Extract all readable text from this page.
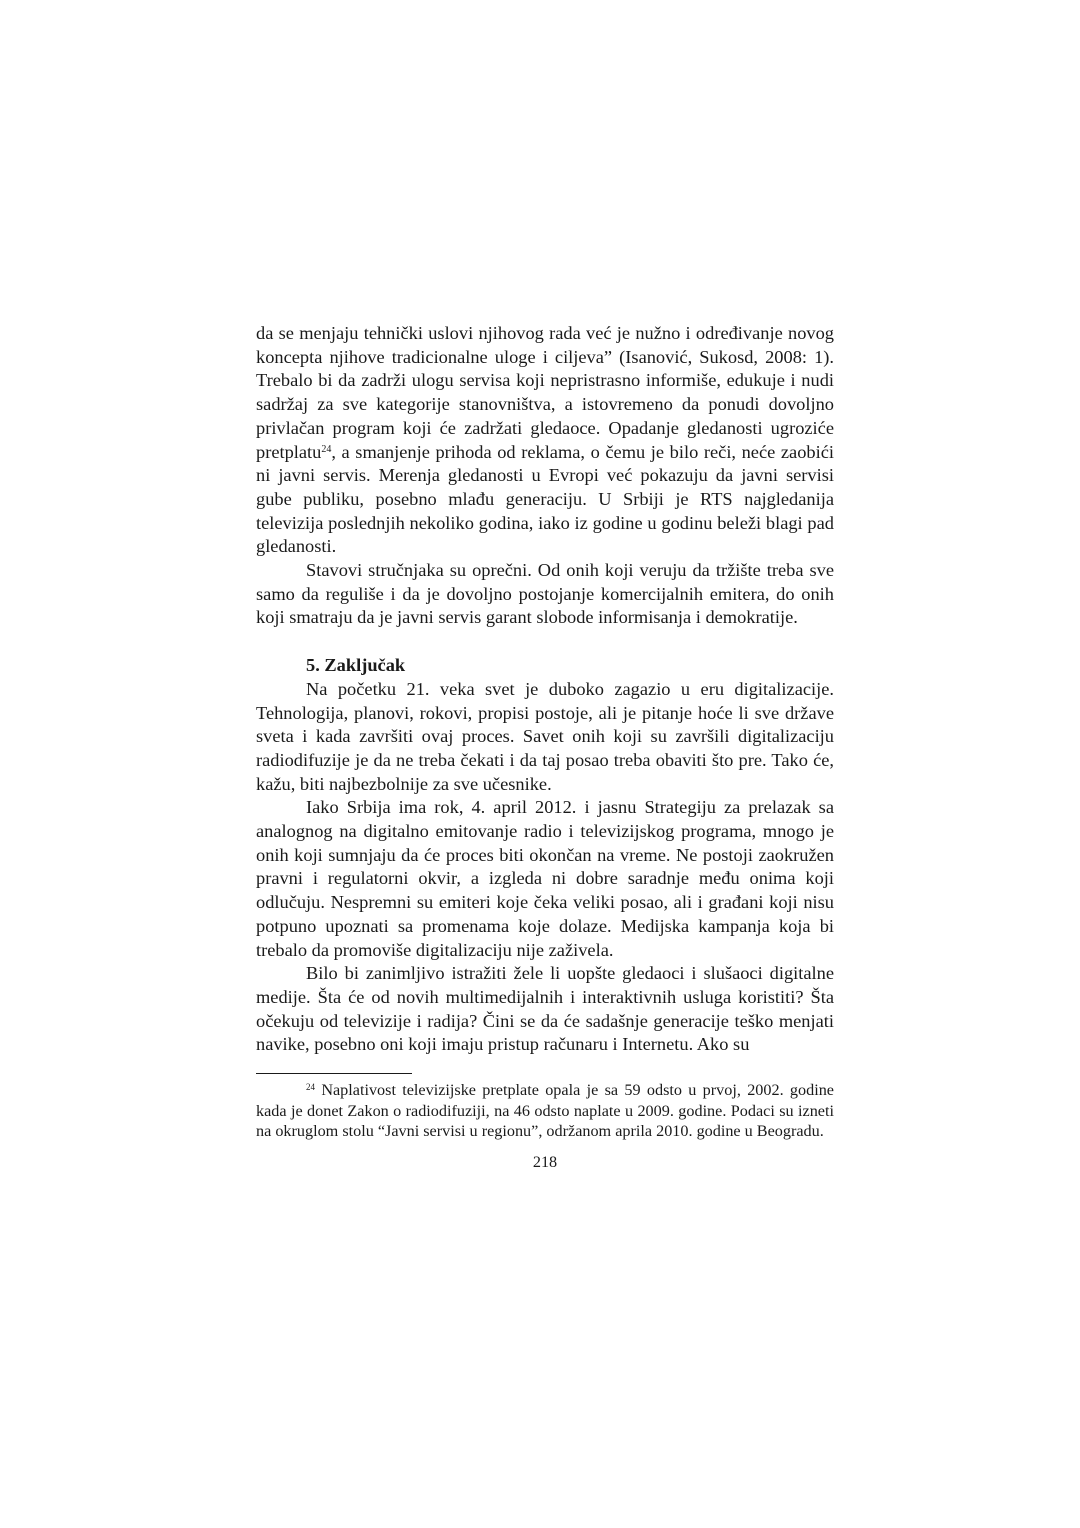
da se menjaju tehnički uslovi njihovog rada već je nužno i određivanje novog koncepta njihove tradicionalne uloge i ciljeva” (Isanović, Sukosd, 2008: 1). Trebalo bi da zadrži ulogu servisa koji nepristrasno informiše, edukuje i nudi sadržaj za sve kategorije stanovništva, a istovremeno da ponudi dovoljno privlačan program koji će zadržati gledaoce. Opadanje gledanosti ugroziće pretplatu$^{24}$, a smanjenje prihoda od reklama, o čemu je bilo reči, neće zaobići ni javni servis. Merenja gledanosti u Evropi već pokazuju da javni servisi gube publiku, posebno mlađu generaciju. U Srbiji je RTS najgledanija televizija poslednjih nekoliko godina, iako iz godine u godinu beleži blagi pad gledanosti.

Stavovi stručnjaka su oprečni. Od onih koji veruju da tržište treba sve samo da reguliše i da je dovoljno postojanje komercijalnih emitera, do onih koji smatraju da je javni servis garant slobode informisanja i demokratije.

5. Zaključak

Na početku 21. veka svet je duboko zagazio u eru digitalizacije. Tehnologija, planovi, rokovi, propisi postoje, ali je pitanje hoće li sve države sveta i kada završiti ovaj proces. Savet onih koji su završili digitalizaciju radiodifuzije je da ne treba čekati i da taj posao treba obaviti što pre. Tako će, kažu, biti najbezbolnije za sve učesnike.

Iako Srbija ima rok, 4. april 2012. i jasnu Strategiju za prelazak sa analognog na digitalno emitovanje radio i televizijskog programa, mnogo je onih koji sumnjaju da će proces biti okončan na vreme. Ne postoji zaokružen pravni i regulatorni okvir, a izgleda ni dobre saradnje među onima koji odlučuju. Nespremni su emiteri koje čeka veliki posao, ali i građani koji nisu potpuno upoznati sa promenama koje dolaze. Medijska kampanja koja bi trebalo da promoviše digitalizaciju nije zaživela.

Bilo bi zanimljivo istražiti žele li uopšte gledaoci i slušaoci digitalne medije. Šta će od novih multimedijalnih i interaktivnih usluga koristiti? Šta očekuju od televizije i radija? Čini se da će sadašnje generacije teško menjati navike, posebno oni koji imaju pristup računaru i Internetu. Ako su

$^{24}$ Naplativost televizijske pretplate opala je sa 59 odsto u prvoj, 2002. godine kada je donet Zakon o radiodifuziji, na 46 odsto naplate u 2009. godine. Podaci su izneti na okruglom stolu “Javni servisi u regionu”, održanom aprila 2010. godine u Beogradu.

218
